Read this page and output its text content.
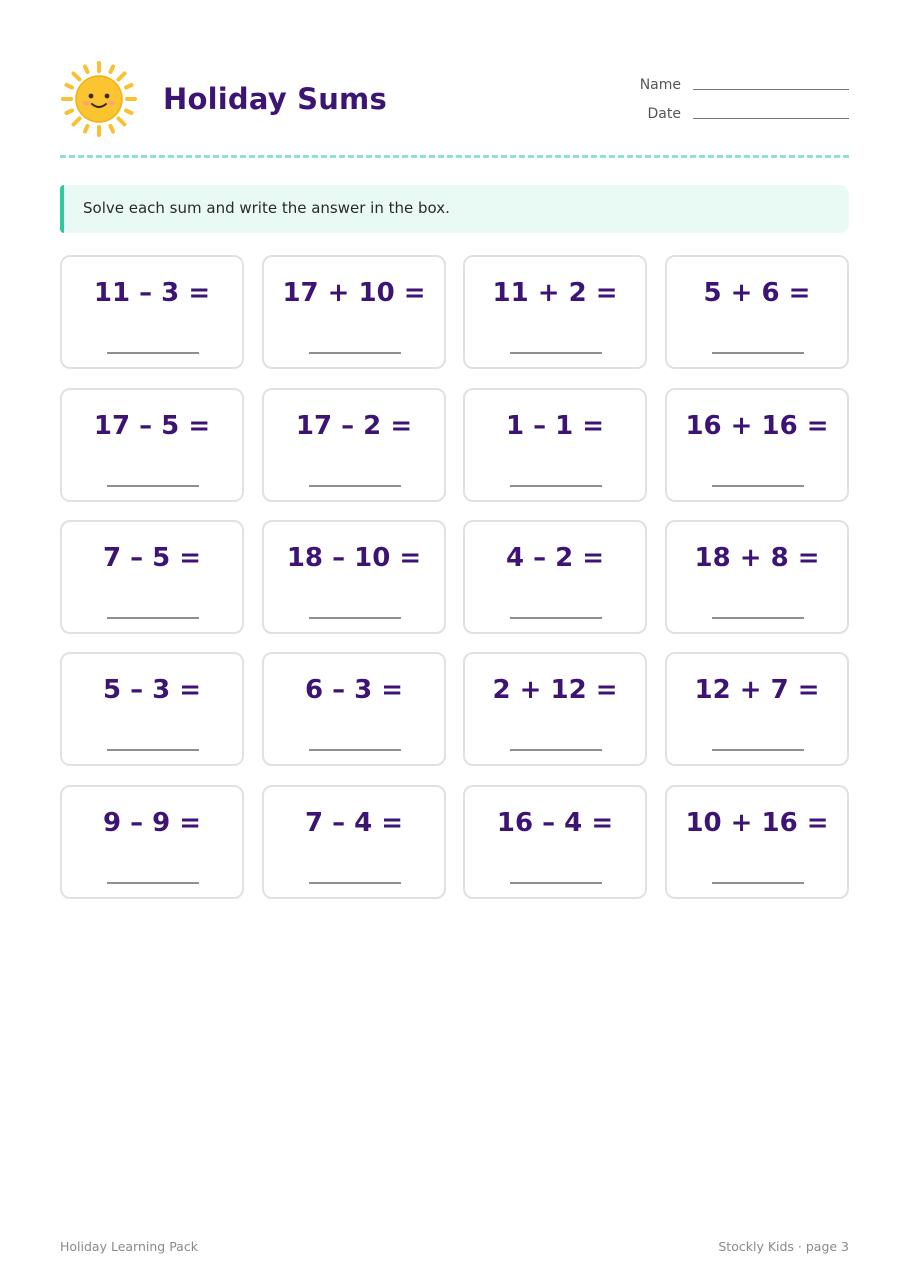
Holiday Sums	Name
Date
Solve each sum and write the answer in the box.
11 – 3 =	17 + 10 =	11 + 2 =	5 + 6 =
17 – 5 =	17 – 2 =	1 – 1 =	16 + 16 =
7 – 5 =	18 – 10 =	4 – 2 =	18 + 8 =
5 – 3 =	6 – 3 =	2 + 12 =	12 + 7 =
9 – 9 =	7 – 4 =	16 – 4 =	10 + 16 =
Holiday Learning Pack	Stockly Kids · page 3
